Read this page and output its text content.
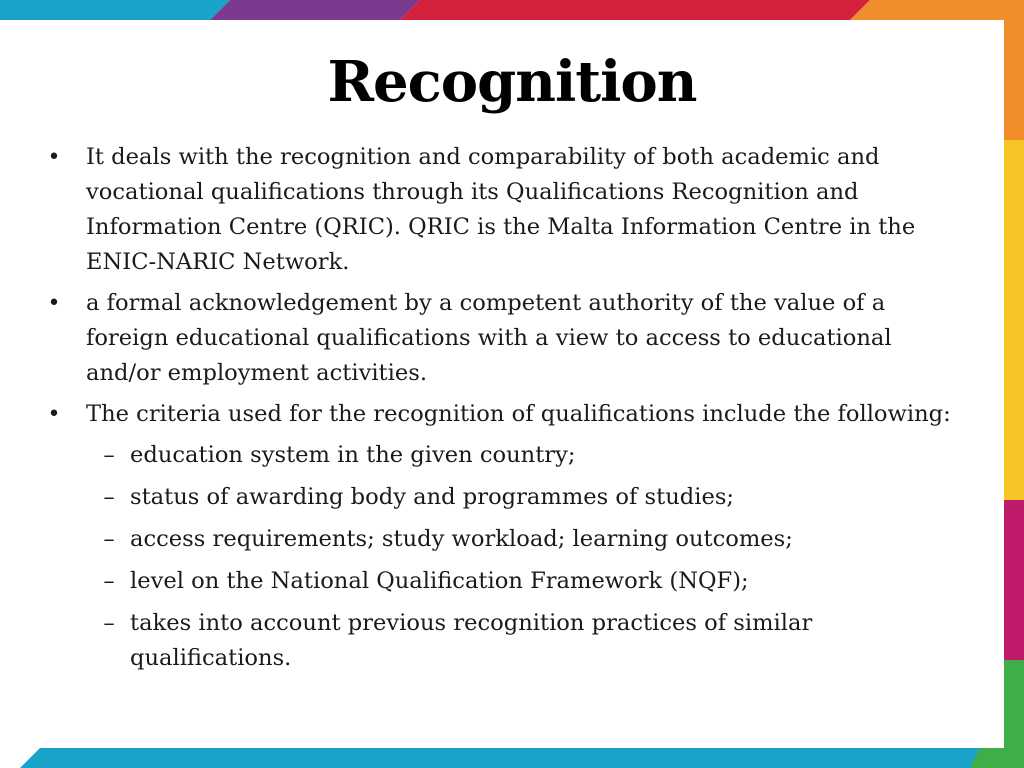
Recognition
• It deals with the recognition and comparability of both academic and vocational qualifications through its Qualifications Recognition and Information Centre (QRIC). QRIC is the Malta Information Centre in the ENIC-NARIC Network.
• a formal acknowledgement by a competent authority of the value of a foreign educational qualifications with a view to access to educational and/or employment activities.
• The criteria used for the recognition of qualifications include the following:
– education system in the given country;
– status of awarding body and programmes of studies;
– access requirements; study workload; learning outcomes;
– level on the National Qualification Framework (NQF);
– takes into account previous recognition practices of similar qualifications.
